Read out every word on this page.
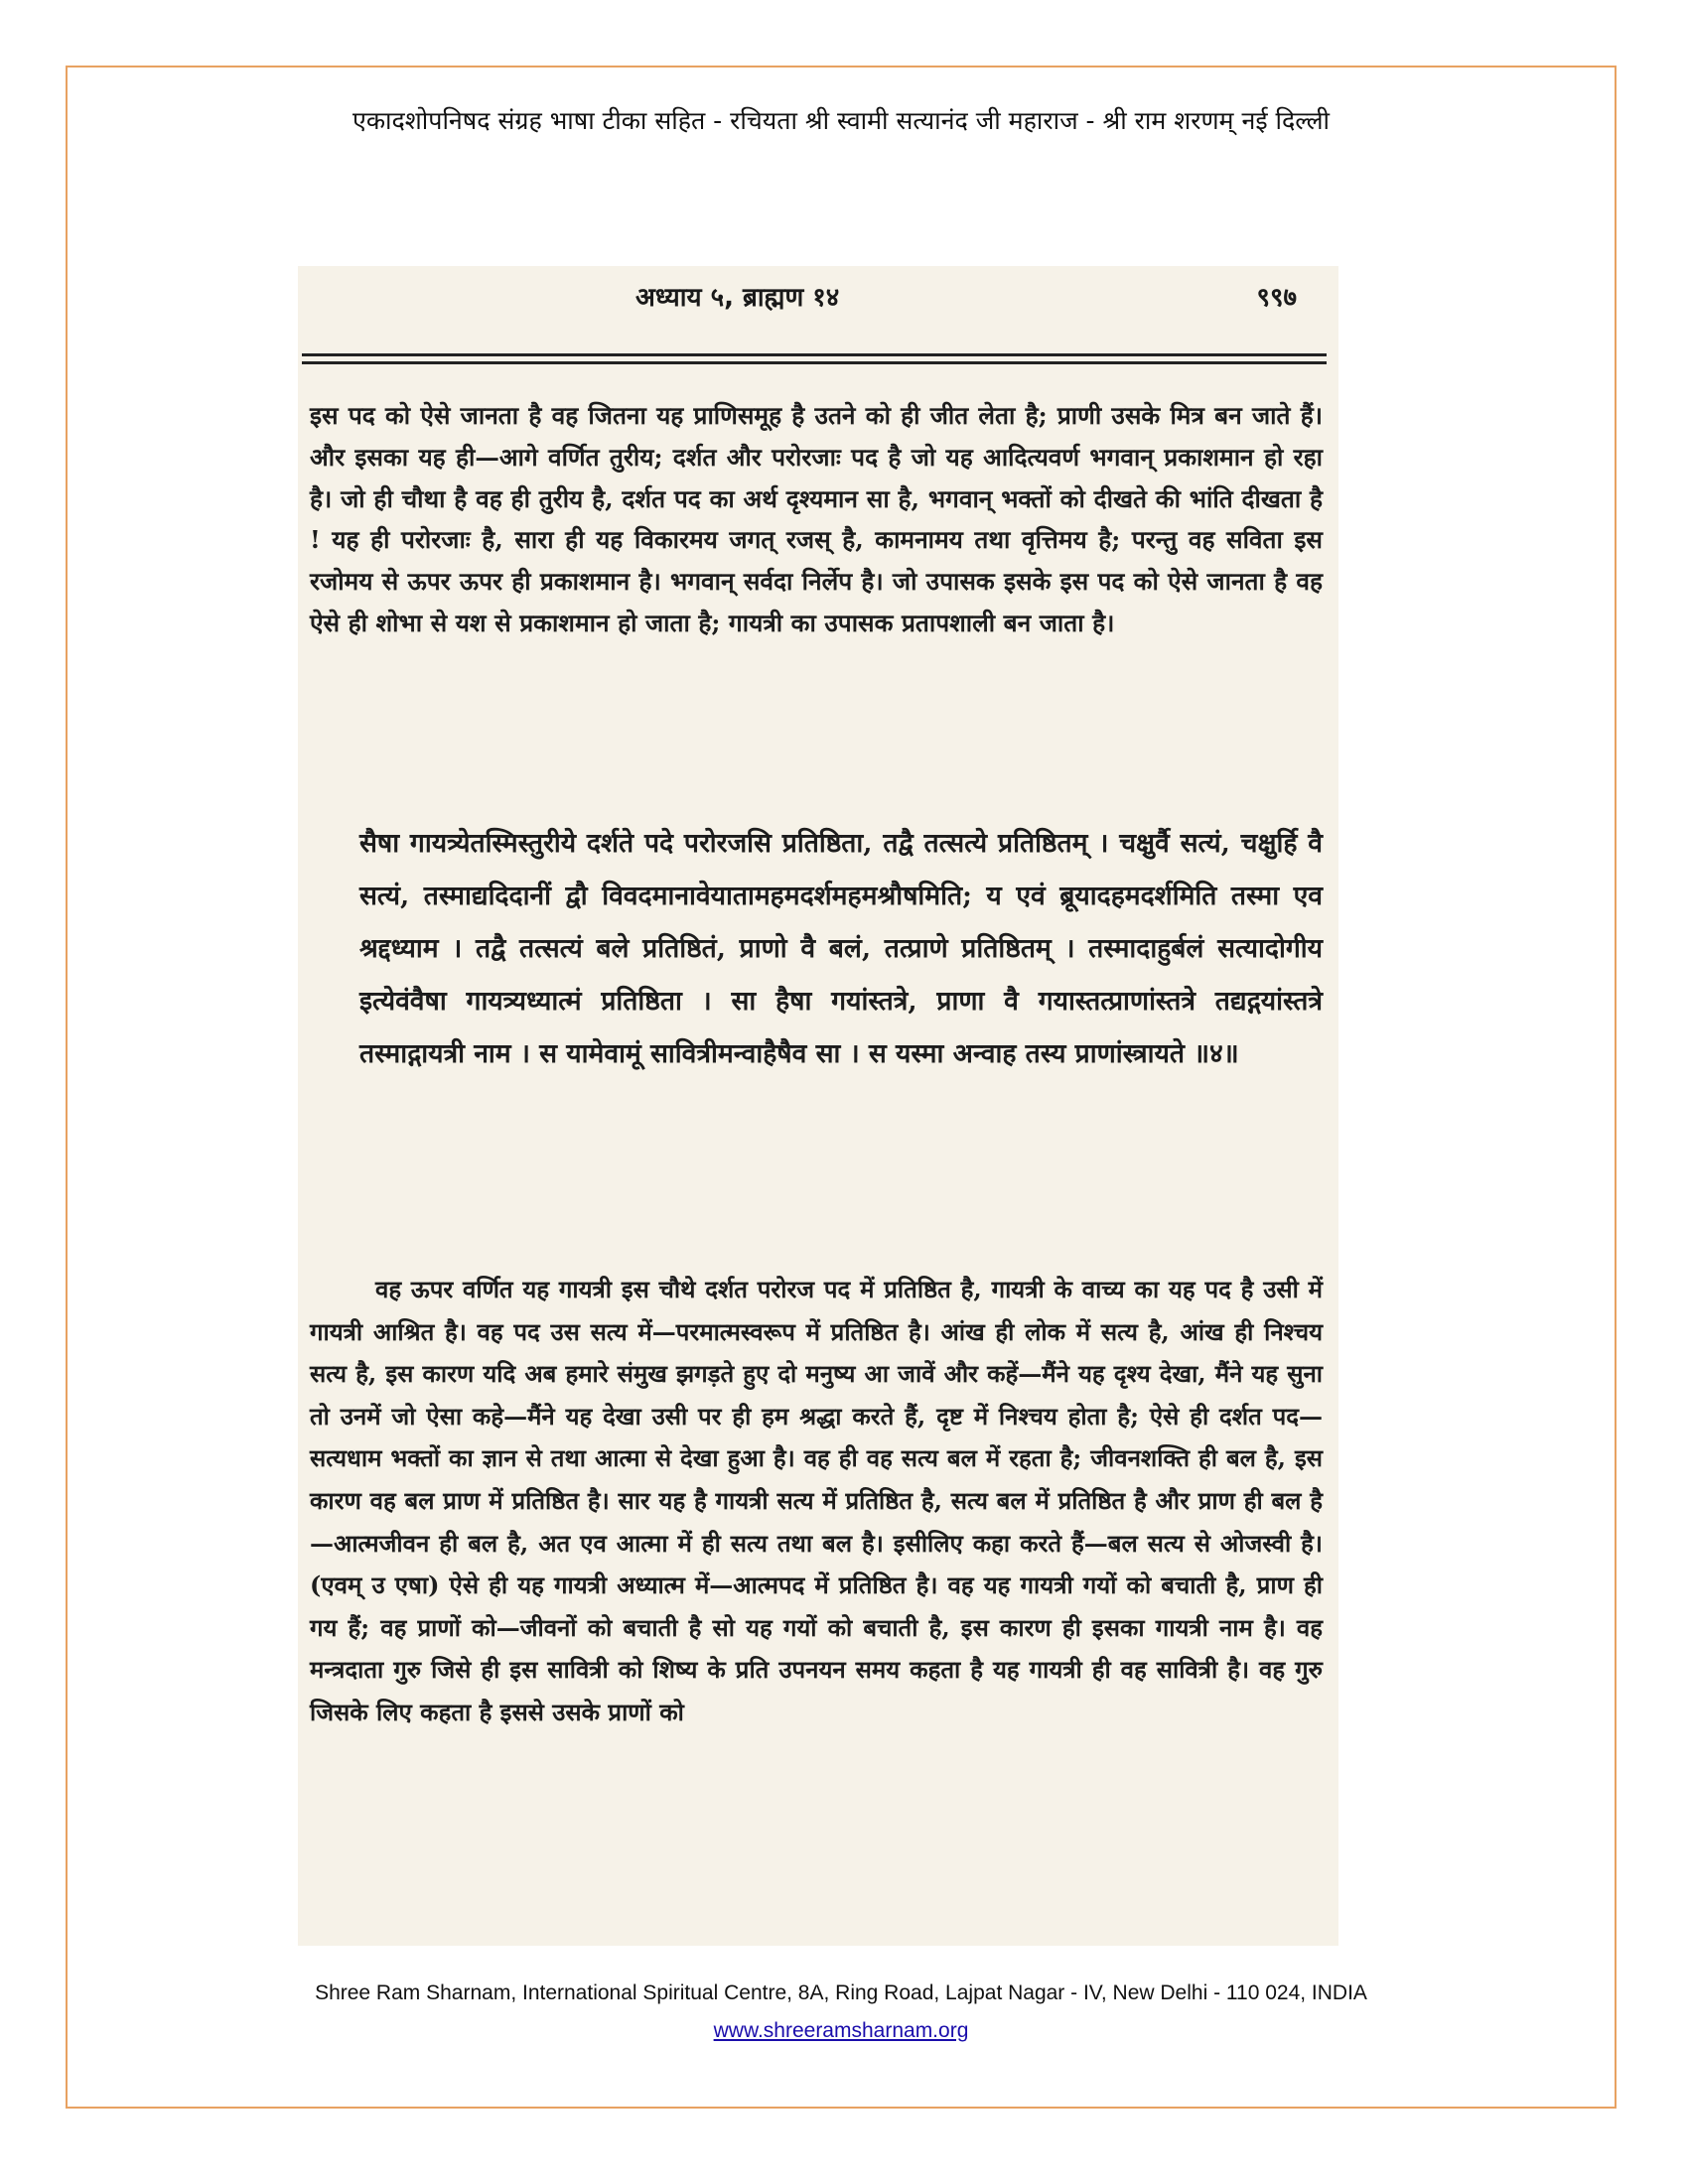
एकादशोपनिषद संग्रह भाषा टीका सहित - रचियता श्री स्वामी सत्यानंद जी महाराज - श्री राम शरणम् नई दिल्ली
अध्याय ५, ब्राह्मण १४	९९७

इस पद को ऐसे जानता है वह जितना यह प्राणिसमूह है उतने को ही जीत लेता है; प्राणी उसके मित्र बन जाते हैं। और इसका यह ही—आगे वर्णित तुरीय; दर्शत और परोरजाः पद है जो यह आदित्यवर्ण भगवान् प्रकाशमान हो रहा है। जो ही चौथा है वह ही तुरीय है, दर्शत पद का अर्थ दृश्यमान सा है, भगवान् भक्तों को दीखते की भांति दीखता है ! यह ही परोरजाः है, सारा ही यह विकारमय जगत् रजस् है, कामनामय तथा वृत्तिमय है; परन्तु वह सविता इस रजोमय से ऊपर ऊपर ही प्रकाशमान है। भगवान् सर्वदा निर्लेप है। जो उपासक इसके इस पद को ऐसे जानता है वह ऐसे ही शोभा से यश से प्रकाशमान हो जाता है; गायत्री का उपासक प्रतापशाली बन जाता है।

सैषा गायत्र्येतस्मिस्तुरीये दर्शते पदे परोरजसि प्रतिष्ठिता, तद्वै तत्सत्ये प्रतिष्ठितम् । चक्षुर्वै सत्यं, चक्षुर्हि वै सत्यं, तस्माद्यदिदानीं द्वौ विवदमानावेयातामहमदर्शमहमश्रौषमिति; य एवं ब्रूयादहमदर्शमिति तस्मा एव श्रद्दध्याम । तद्वै तत्सत्यं बले प्रतिष्ठितं, प्राणो वै बलं, तत्प्राणे प्रतिष्ठितम् । तस्मादाहुर्बलं सत्यादोगीय इत्येवंवैषा गायत्र्यध्यात्मं प्रतिष्ठिता । सा हैषा गयांस्तत्रे, प्राणा वै गयास्तत्प्राणांस्तत्रे तद्यद्गयांस्तत्रे तस्माद्गायत्री नाम । स यामेवामूं सावित्रीमन्वाहैषैव सा । स यस्मा अन्वाह तस्य प्राणांस्त्रायते ॥४॥

वह ऊपर वर्णित यह गायत्री इस चौथे दर्शत परोरज पद में प्रतिष्ठित है, गायत्री के वाच्य का यह पद है उसी में गायत्री आश्रित है। वह पद उस सत्य में—परमात्मस्वरूप में प्रतिष्ठित है। आंख ही लोक में सत्य है, आंख ही निश्चय सत्य है, इस कारण यदि अब हमारे संमुख झगड़ते हुए दो मनुष्य आ जावें और कहें—मैंने यह दृश्य देखा, मैंने यह सुना तो उनमें जो ऐसा कहे—मैंने यह देखा उसी पर ही हम श्रद्धा करते हैं, दृष्ट में निश्चय होता है; ऐसे ही दर्शत पद—सत्यधाम भक्तों का ज्ञान से तथा आत्मा से देखा हुआ है। वह ही वह सत्य बल में रहता है; जीवनशक्ति ही बल है, इस कारण वह बल प्राण में प्रतिष्ठित है। सार यह है गायत्री सत्य में प्रतिष्ठित है, सत्य बल में प्रतिष्ठित है और प्राण ही बल है—आत्मजीवन ही बल है, अत एव आत्मा में ही सत्य तथा बल है। इसीलिए कहा करते हैं—बल सत्य से ओजस्वी है। (एवम् उ एषा) ऐसे ही यह गायत्री अध्यात्म में—आत्मपद में प्रतिष्ठित है। वह यह गायत्री गयों को बचाती है, प्राण ही गय हैं; वह प्राणों को—जीवनों को बचाती है सो यह गयों को बचाती है, इस कारण ही इसका गायत्री नाम है। वह मन्त्रदाता गुरु जिसे ही इस सावित्री को शिष्य के प्रति उपनयन समय कहता है यह गायत्री ही वह सावित्री है। वह गुरु जिसके लिए कहता है इससे उसके प्राणों को

Shree Ram Sharnam, International Spiritual Centre, 8A, Ring Road, Lajpat Nagar - IV, New Delhi - 110 024, INDIA
www.shreeramsharnam.org
